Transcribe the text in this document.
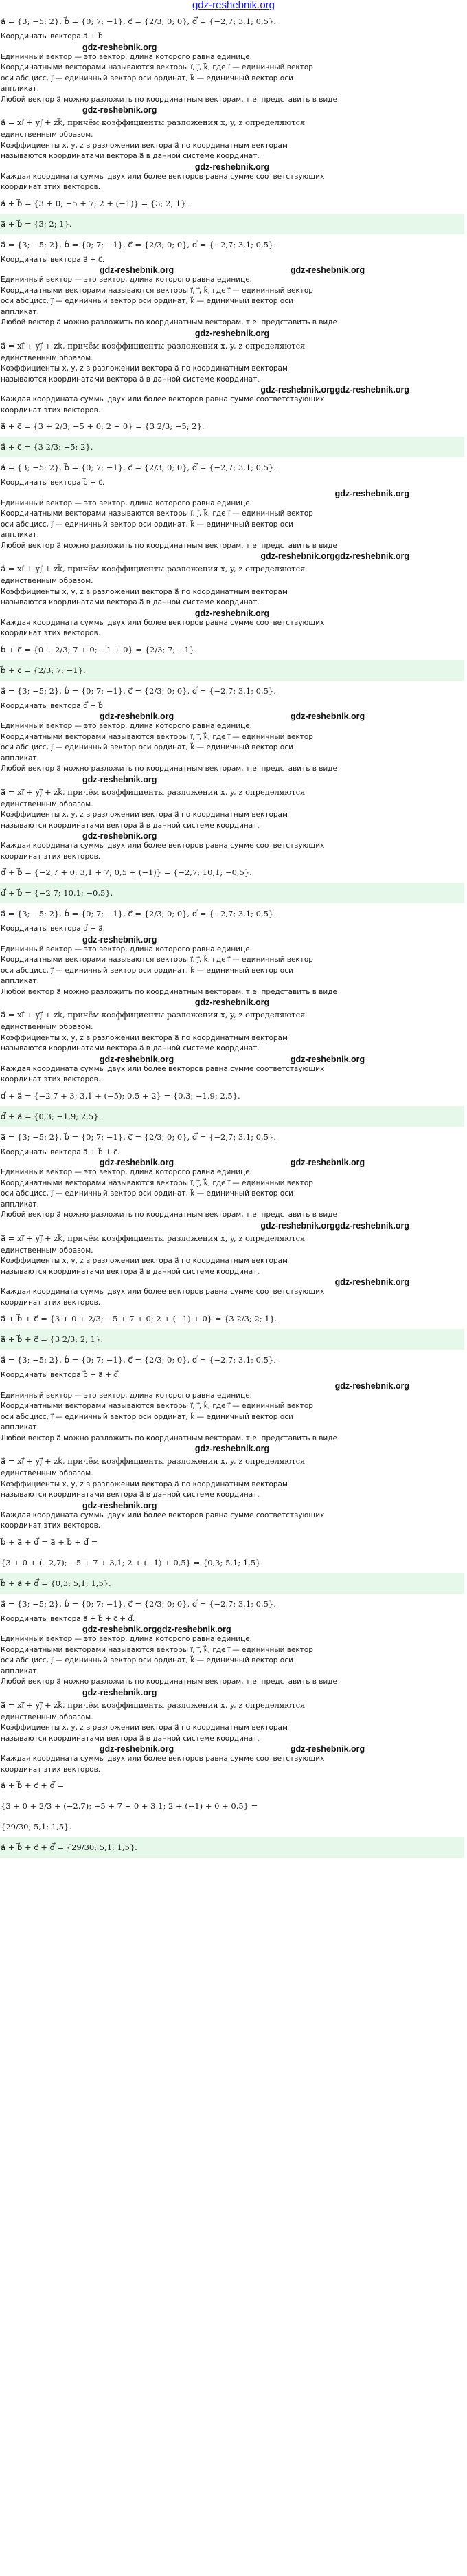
gdz-reshebnik.org
a⃗ = {3; −5; 2}, b⃗ = {0; 7; −1}, c⃗ = {2/3; 0; 0}, d⃗ = {−2,7; 3,1; 0,5}.
Координаты вектора a⃗ + b⃗.
gdz-reshebnik.org
Единичный вектор — это вектор, длина которого равна единице.
Координатными векторами называются векторы i⃗, j⃗, k⃗, где i⃗ — единичный вектор
оси абсцисс, j⃗ — единичный вектор оси ординат, k⃗ — единичный вектор оси
аппликат.
Любой вектор a⃗ можно разложить по координатным векторам, т.е. представить в виде
gdz-reshebnik.org
a⃗ = xi⃗ + yj⃗ + zk⃗, причём коэффициенты разложения x, y, z определяются
единственным образом.
Коэффициенты x, y, z в разложении вектора a⃗ по координатным векторам
называются координатами вектора a⃗ в данной системе координат.
gdz-reshebnik.org
Каждая координата суммы двух или более векторов равна сумме соответствующих
координат этих векторов.
a⃗ + b⃗ = {3 + 0; −5 + 7; 2 + (−1)} = {3; 2; 1}.
a⃗ + b⃗ = {3; 2; 1}.
a⃗ = {3; −5; 2}, b⃗ = {0; 7; −1}, c⃗ = {2/3; 0; 0}, d⃗ = {−2,7; 3,1; 0,5}.
Координаты вектора a⃗ + c⃗.
gdz-reshebnik.org	gdz-reshebnik.org
Единичный вектор — это вектор, длина которого равна единице.
Координатными векторами называются векторы i⃗, j⃗, k⃗, где i⃗ — единичный вектор
оси абсцисс, j⃗ — единичный вектор оси ординат, k⃗ — единичный вектор оси
аппликат.
Любой вектор a⃗ можно разложить по координатным векторам, т.е. представить в виде
gdz-reshebnik.org
a⃗ = xi⃗ + yj⃗ + zk⃗, причём коэффициенты разложения x, y, z определяются
единственным образом.
Коэффициенты x, y, z в разложении вектора a⃗ по координатным векторам
называются координатами вектора a⃗ в данной системе координат.
gdz-reshebnik.org gdz-reshebnik.org
Каждая координата суммы двух или более векторов равна сумме соответствующих
координат этих векторов.
a⃗ + c⃗ = {3 + 2/3; −5 + 0; 2 + 0} = {3 2/3; −5; 2}.
a⃗ + c⃗ = {3 2/3; −5; 2}.
a⃗ = {3; −5; 2}, b⃗ = {0; 7; −1}, c⃗ = {2/3; 0; 0}, d⃗ = {−2,7; 3,1; 0,5}.
Координаты вектора b⃗ + c⃗.
gdz-reshebnik.org
Единичный вектор — это вектор, длина которого равна единице.
Координатными векторами называются векторы i⃗, j⃗, k⃗, где i⃗ — единичный вектор
оси абсцисс, j⃗ — единичный вектор оси ординат, k⃗ — единичный вектор оси
аппликат.
Любой вектор a⃗ можно разложить по координатным векторам, т.е. представить в виде
gdz-reshebnik.org gdz-reshebnik.org
a⃗ = xi⃗ + yj⃗ + zk⃗, причём коэффициенты разложения x, y, z определяются
единственным образом.
Коэффициенты x, y, z в разложении вектора a⃗ по координатным векторам
называются координатами вектора a⃗ в данной системе координат.
gdz-reshebnik.org
Каждая координата суммы двух или более векторов равна сумме соответствующих
координат этих векторов.
b⃗ + c⃗ = {0 + 2/3; 7 + 0; −1 + 0} = {2/3; 7; −1}.
b⃗ + c⃗ = {2/3; 7; −1}.
a⃗ = {3; −5; 2}, b⃗ = {0; 7; −1}, c⃗ = {2/3; 0; 0}, d⃗ = {−2,7; 3,1; 0,5}.
Координаты вектора d⃗ + b⃗.
gdz-reshebnik.org	gdz-reshebnik.org
Единичный вектор — это вектор, длина которого равна единице.
Координатными векторами называются векторы i⃗, j⃗, k⃗, где i⃗ — единичный вектор
оси абсцисс, j⃗ — единичный вектор оси ординат, k⃗ — единичный вектор оси
аппликат.
Любой вектор a⃗ можно разложить по координатным векторам, т.е. представить в виде
gdz-reshebnik.org
a⃗ = xi⃗ + yj⃗ + zk⃗, причём коэффициенты разложения x, y, z определяются
единственным образом.
Коэффициенты x, y, z в разложении вектора a⃗ по координатным векторам
называются координатами вектора a⃗ в данной системе координат.
gdz-reshebnik.org
Каждая координата суммы двух или более векторов равна сумме соответствующих
координат этих векторов.
d⃗ + b⃗ = {−2,7 + 0; 3,1 + 7; 0,5 + (−1)} = {−2,7; 10,1; −0,5}.
d⃗ + b⃗ = {−2,7; 10,1; −0,5}.
a⃗ = {3; −5; 2}, b⃗ = {0; 7; −1}, c⃗ = {2/3; 0; 0}, d⃗ = {−2,7; 3,1; 0,5}.
Координаты вектора d⃗ + a⃗.
gdz-reshebnik.org
Единичный вектор — это вектор, длина которого равна единице.
Координатными векторами называются векторы i⃗, j⃗, k⃗, где i⃗ — единичный вектор
оси абсцисс, j⃗ — единичный вектор оси ординат, k⃗ — единичный вектор оси
аппликат.
Любой вектор a⃗ можно разложить по координатным векторам, т.е. представить в виде
gdz-reshebnik.org
a⃗ = xi⃗ + yj⃗ + zk⃗, причём коэффициенты разложения x, y, z определяются
единственным образом.
Коэффициенты x, y, z в разложении вектора a⃗ по координатным векторам
называются координатами вектора a⃗ в данной системе координат.
gdz-reshebnik.org	gdz-reshebnik.org
Каждая координата суммы двух или более векторов равна сумме соответствующих
координат этих векторов.
d⃗ + a⃗ = {−2,7 + 3; 3,1 + (−5); 0,5 + 2} = {0,3; −1,9; 2,5}.
d⃗ + a⃗ = {0,3; −1,9; 2,5}.
a⃗ = {3; −5; 2}, b⃗ = {0; 7; −1}, c⃗ = {2/3; 0; 0}, d⃗ = {−2,7; 3,1; 0,5}.
Координаты вектора a⃗ + b⃗ + c⃗.
gdz-reshebnik.org	gdz-reshebnik.org
Единичный вектор — это вектор, длина которого равна единице.
Координатными векторами называются векторы i⃗, j⃗, k⃗, где i⃗ — единичный вектор
оси абсцисс, j⃗ — единичный вектор оси ординат, k⃗ — единичный вектор оси
аппликат.
Любой вектор a⃗ можно разложить по координатным векторам, т.е. представить в виде
gdz-reshebnik.org gdz-reshebnik.org
a⃗ = xi⃗ + yj⃗ + zk⃗, причём коэффициенты разложения x, y, z определяются
единственным образом.
Коэффициенты x, y, z в разложении вектора a⃗ по координатным векторам
называются координатами вектора a⃗ в данной системе координат.
gdz-reshebnik.org
Каждая координата суммы двух или более векторов равна сумме соответствующих
координат этих векторов.
a⃗ + b⃗ + c⃗ = {3 + 0 + 2/3; −5 + 7 + 0; 2 + (−1) + 0} = {3 2/3; 2; 1}.
a⃗ + b⃗ + c⃗ = {3 2/3; 2; 1}.
a⃗ = {3; −5; 2}, b⃗ = {0; 7; −1}, c⃗ = {2/3; 0; 0}, d⃗ = {−2,7; 3,1; 0,5}.
Координаты вектора b⃗ + a⃗ + d⃗.
gdz-reshebnik.org
Единичный вектор — это вектор, длина которого равна единице.
Координатными векторами называются векторы i⃗, j⃗, k⃗, где i⃗ — единичный вектор
оси абсцисс, j⃗ — единичный вектор оси ординат, k⃗ — единичный вектор оси
аппликат.
Любой вектор a⃗ можно разложить по координатным векторам, т.е. представить в виде
gdz-reshebnik.org
a⃗ = xi⃗ + yj⃗ + zk⃗, причём коэффициенты разложения x, y, z определяются
единственным образом.
Коэффициенты x, y, z в разложении вектора a⃗ по координатным векторам
называются координатами вектора a⃗ в данной системе координат.
gdz-reshebnik.org
Каждая координата суммы двух или более векторов равна сумме соответствующих
координат этих векторов.
b⃗ + a⃗ + d⃗ = a⃗ + b⃗ + d⃗ =
{3 + 0 + (−2,7); −5 + 7 + 3,1; 2 + (−1) + 0,5} = {0,3; 5,1; 1,5}.
b⃗ + a⃗ + d⃗ = {0,3; 5,1; 1,5}.
a⃗ = {3; −5; 2}, b⃗ = {0; 7; −1}, c⃗ = {2/3; 0; 0}, d⃗ = {−2,7; 3,1; 0,5}.
Координаты вектора a⃗ + b⃗ + c⃗ + d⃗.
gdz-reshebnik.org gdz-reshebnik.org
Единичный вектор — это вектор, длина которого равна единице.
Координатными векторами называются векторы i⃗, j⃗, k⃗, где i⃗ — единичный вектор
оси абсцисс, j⃗ — единичный вектор оси ординат, k⃗ — единичный вектор оси
аппликат.
Любой вектор a⃗ можно разложить по координатным векторам, т.е. представить в виде
gdz-reshebnik.org
a⃗ = xi⃗ + yj⃗ + zk⃗, причём коэффициенты разложения x, y, z определяются
единственным образом.
Коэффициенты x, y, z в разложении вектора a⃗ по координатным векторам
называются координатами вектора a⃗ в данной системе координат.
gdz-reshebnik.org	gdz-reshebnik.org
Каждая координата суммы двух или более векторов равна сумме соответствующих
координат этих векторов.
a⃗ + b⃗ + c⃗ + d⃗ =
{3 + 0 + 2/3 + (−2,7); −5 + 7 + 0 + 3,1; 2 + (−1) + 0 + 0,5} =
{29/30; 5,1; 1,5}.
a⃗ + b⃗ + c⃗ + d⃗ = {29/30; 5,1; 1,5}.
